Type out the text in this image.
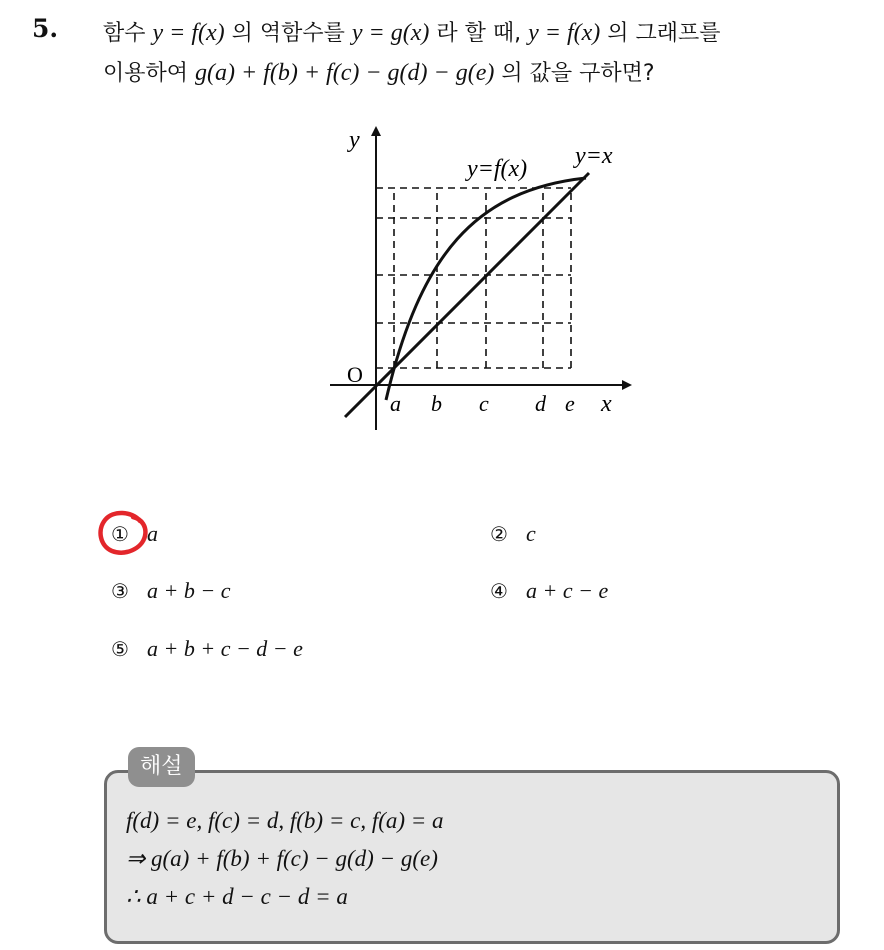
5. 함수 y = f(x) 의 역함수를 y = g(x) 라 할 때, y = f(x) 의 그래프를
이용하여 g(a) + f(b) + f(c) − g(d) − g(e) 의 값을 구하면?
y
x
O
y=f(x) y=x
a b c d e
① a	② c
③ a + b − c	④ a + c − e
⑤ a + b + c − d − e
해설
f(d) = e, f(c) = d, f(b) = c, f(a) = a
⇒ g(a) + f(b) + f(c) − g(d) − g(e)
∴ a + c + d − c − d = a
